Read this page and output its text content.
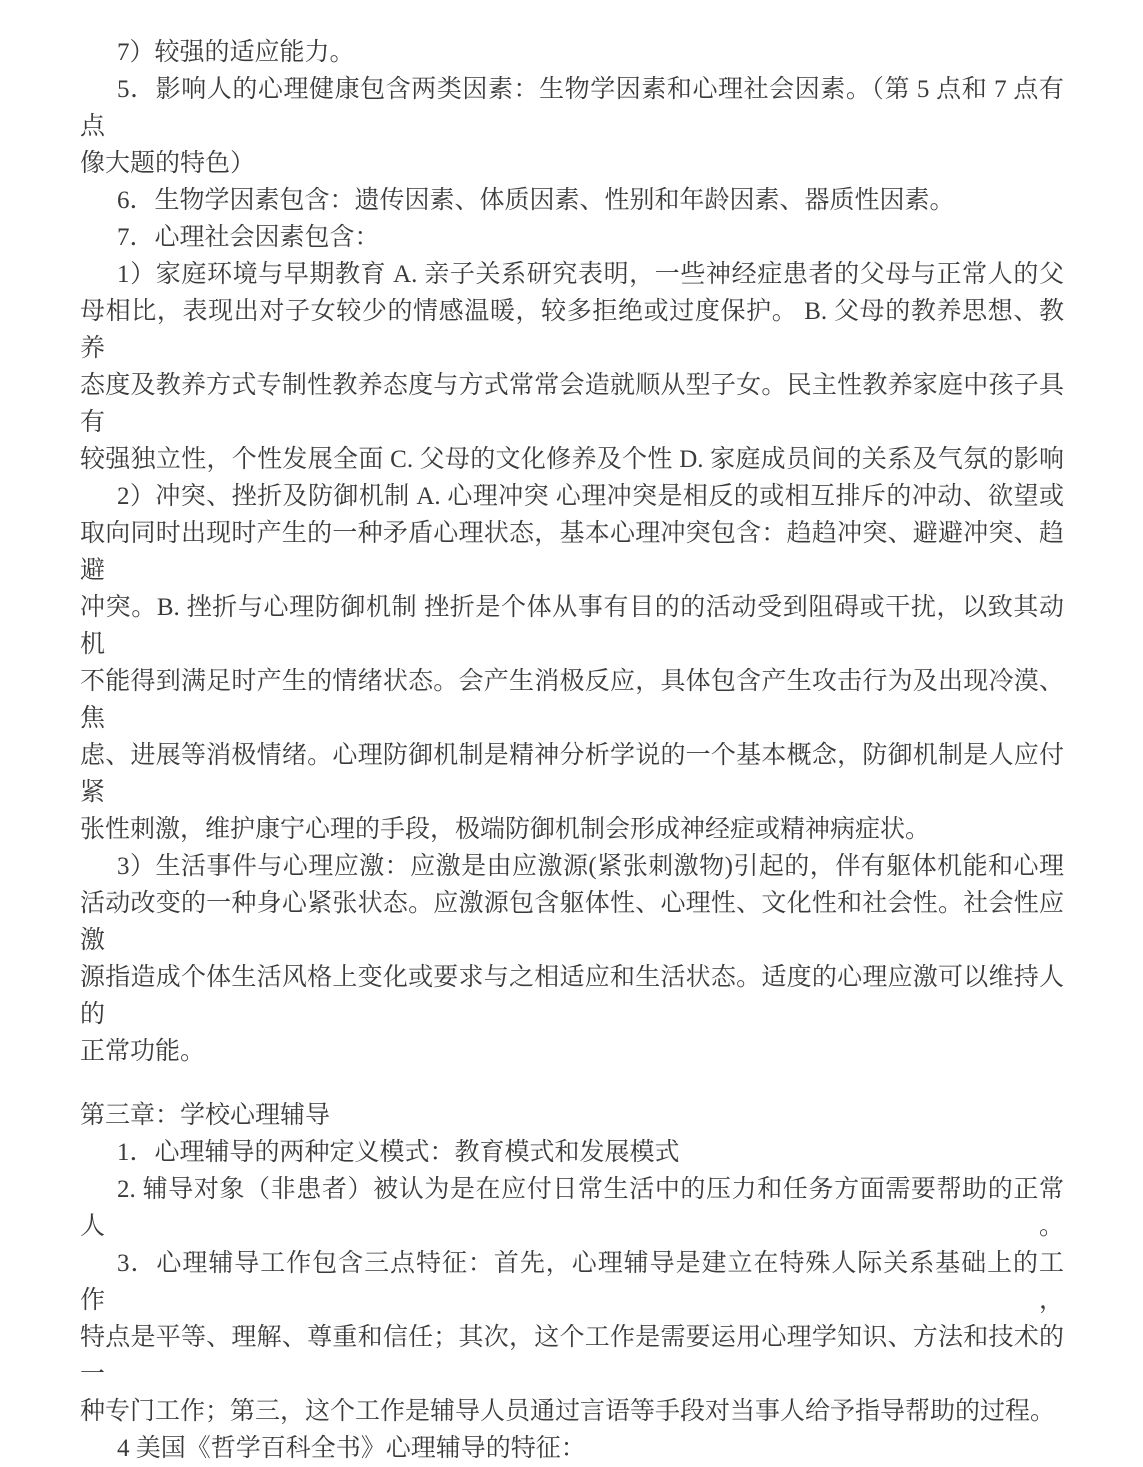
7）较强的适应能力。
5．影响人的心理健康包含两类因素：生物学因素和心理社会因素。（第 5 点和 7 点有点
像大题的特色）
6．生物学因素包含：遗传因素、体质因素、性别和年龄因素、器质性因素。
7．心理社会因素包含：
1）家庭环境与早期教育 A. 亲子关系研究表明，一些神经症患者的父母与正常人的父
母相比，表现出对子女较少的情感温暖，较多拒绝或过度保护。 B. 父母的教养思想、教养
态度及教养方式专制性教养态度与方式常常会造就顺从型子女。民主性教养家庭中孩子具有
较强独立性，个性发展全面 C. 父母的文化修养及个性 D. 家庭成员间的关系及气氛的影响
2）冲突、挫折及防御机制 A. 心理冲突 心理冲突是相反的或相互排斥的冲动、欲望或
取向同时出现时产生的一种矛盾心理状态，基本心理冲突包含：趋趋冲突、避避冲突、趋避
冲突。B. 挫折与心理防御机制 挫折是个体从事有目的的活动受到阻碍或干扰，以致其动机
不能得到满足时产生的情绪状态。会产生消极反应，具体包含产生攻击行为及出现冷漠、焦
虑、进展等消极情绪。心理防御机制是精神分析学说的一个基本概念，防御机制是人应付紧
张性刺激，维护康宁心理的手段，极端防御机制会形成神经症或精神病症状。
3）生活事件与心理应激：应激是由应激源(紧张刺激物)引起的，伴有躯体机能和心理
活动改变的一种身心紧张状态。应激源包含躯体性、心理性、文化性和社会性。社会性应激
源指造成个体生活风格上变化或要求与之相适应和生活状态。适度的心理应激可以维持人的
正常功能。
第三章：学校心理辅导
1．心理辅导的两种定义模式：教育模式和发展模式
2. 辅导对象（非患者）被认为是在应付日常生活中的压力和任务方面需要帮助的正常人。
3．心理辅导工作包含三点特征：首先，心理辅导是建立在特殊人际关系基础上的工作，
特点是平等、理解、尊重和信任；其次，这个工作是需要运用心理学知识、方法和技术的一
种专门工作；第三，这个工作是辅导人员通过言语等手段对当事人给予指导帮助的过程。
4 美国《哲学百科全书》心理辅导的特征：
